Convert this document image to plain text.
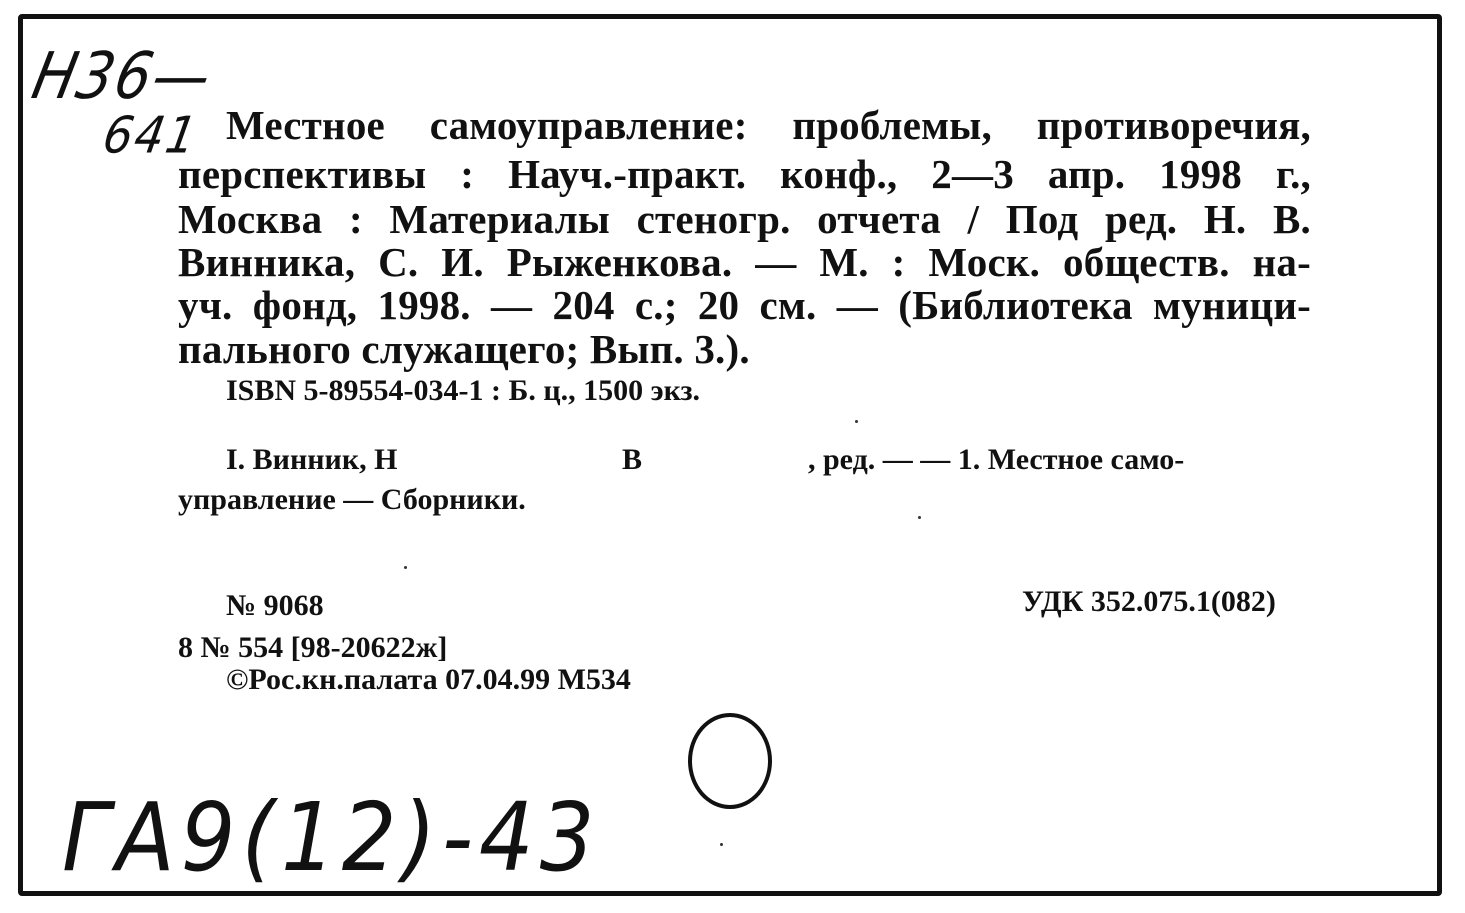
Н36—
641 Местное самоуправление: проблемы, противоречия,
перспективы : Науч.-практ. конф., 2—3 апр. 1998 г.,
Москва : Материалы стеногр. отчета / Под ред. Н. В.
Винника, С. И. Рыженкова. — М. : Моск. обществ. на-
уч. фонд, 1998. — 204 с.; 20 см. — (Библиотека муници-
пального служащего; Вып. 3.).
ISBN 5-89554-034-1 : Б. ц., 1500 экз.
I. Винник, Н	В	, ред. — — 1. Местное само-
управление — Сборники.
№ 9068	УДК 352.075.1(082)
8 № 554 [98-20622ж]
©Рос.кн.палата 07.04.99 М534
ГА9(12)-43
